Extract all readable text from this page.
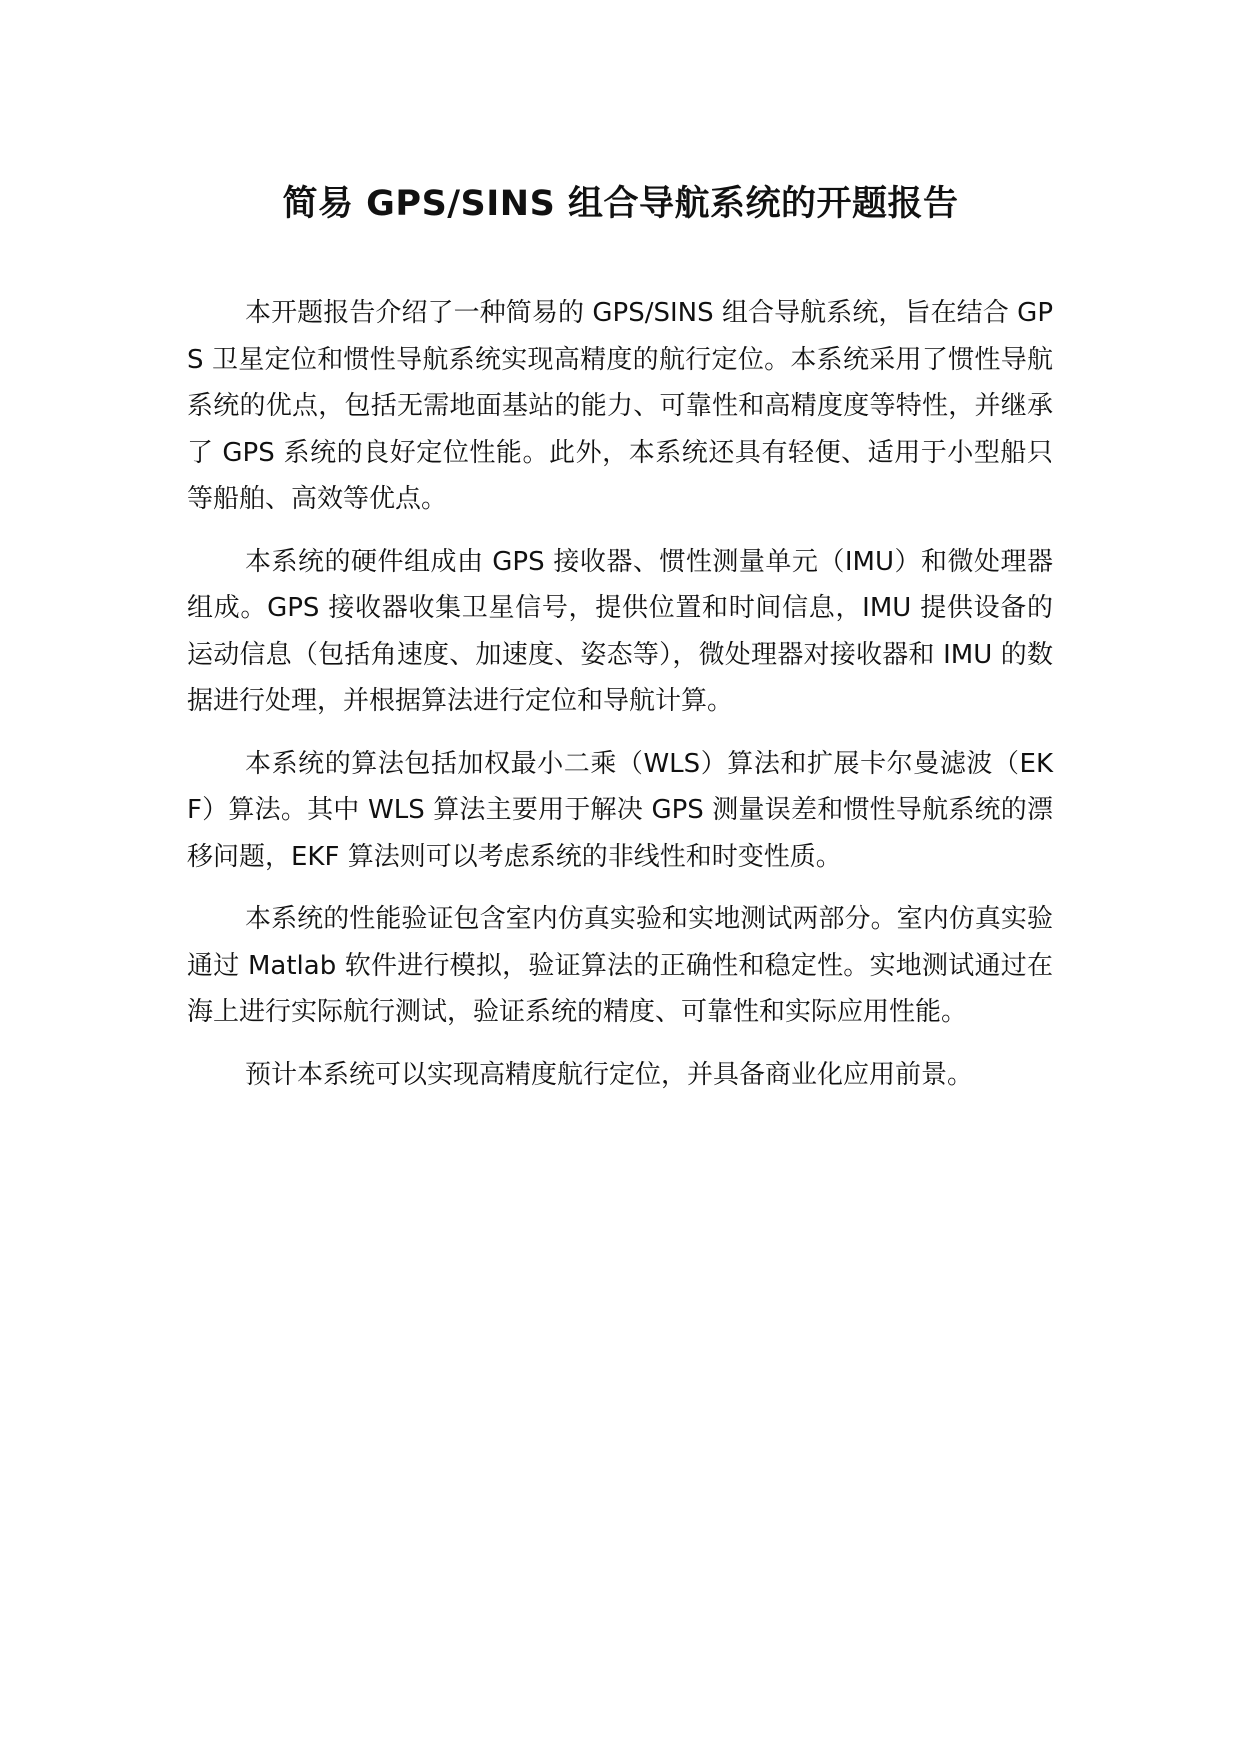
简易 GPS/SINS 组合导航系统的开题报告

本开题报告介绍了一种简易的 GPS/SINS 组合导航系统，旨在结合 GPS 卫星定位和惯性导航系统实现高精度的航行定位。本系统采用了惯性导航系统的优点，包括无需地面基站的能力、可靠性和高精度度等特性，并继承了 GPS 系统的良好定位性能。此外，本系统还具有轻便、适用于小型船只等船舶、高效等优点。

本系统的硬件组成由 GPS 接收器、惯性测量单元（IMU）和微处理器组成。GPS 接收器收集卫星信号，提供位置和时间信息，IMU 提供设备的运动信息（包括角速度、加速度、姿态等），微处理器对接收器和 IMU 的数据进行处理，并根据算法进行定位和导航计算。

本系统的算法包括加权最小二乘（WLS）算法和扩展卡尔曼滤波（EKF）算法。其中 WLS 算法主要用于解决 GPS 测量误差和惯性导航系统的漂移问题，EKF 算法则可以考虑系统的非线性和时变性质。

本系统的性能验证包含室内仿真实验和实地测试两部分。室内仿真实验通过 Matlab 软件进行模拟，验证算法的正确性和稳定性。实地测试通过在海上进行实际航行测试，验证系统的精度、可靠性和实际应用性能。

预计本系统可以实现高精度航行定位，并具备商业化应用前景。
